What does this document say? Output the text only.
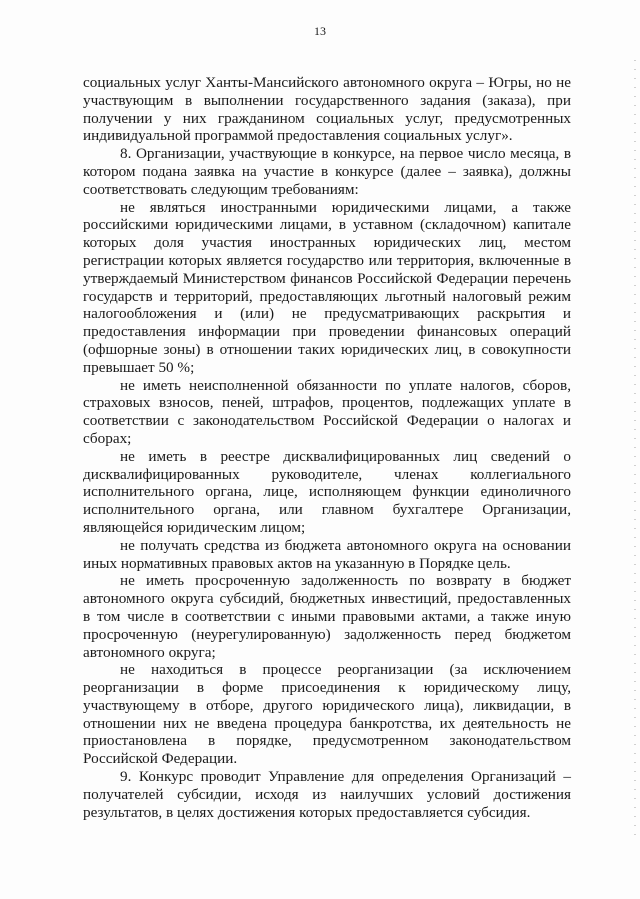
13

социальных услуг Ханты-Мансийского автономного округа – Югры, но не участвующим в выполнении государственного задания (заказа), при получении у них гражданином социальных услуг, предусмотренных индивидуальной программой предоставления социальных услуг».

8. Организации, участвующие в конкурсе, на первое число месяца, в котором подана заявка на участие в конкурсе (далее – заявка), должны соответствовать следующим требованиям:

не являться иностранными юридическими лицами, а также российскими юридическими лицами, в уставном (складочном) капитале которых доля участия иностранных юридических лиц, местом регистрации которых является государство или территория, включенные в утверждаемый Министерством финансов Российской Федерации перечень государств и территорий, предоставляющих льготный налоговый режим налогообложения и (или) не предусматривающих раскрытия и предоставления информации при проведении финансовых операций (офшорные зоны) в отношении таких юридических лиц, в совокупности превышает 50 %;

не иметь неисполненной обязанности по уплате налогов, сборов, страховых взносов, пеней, штрафов, процентов, подлежащих уплате в соответствии с законодательством Российской Федерации о налогах и сборах;

не иметь в реестре дисквалифицированных лиц сведений о дисквалифицированных руководителе, членах коллегиального исполнительного органа, лице, исполняющем функции единоличного исполнительного органа, или главном бухгалтере Организации, являющейся юридическим лицом;

не получать средства из бюджета автономного округа на основании иных нормативных правовых актов на указанную в Порядке цель.

не иметь просроченную задолженность по возврату в бюджет автономного округа субсидий, бюджетных инвестиций, предоставленных в том числе в соответствии с иными правовыми актами, а также иную просроченную (неурегулированную) задолженность перед бюджетом автономного округа;

не находиться в процессе реорганизации (за исключением реорганизации в форме присоединения к юридическому лицу, участвующему в отборе, другого юридического лица), ликвидации, в отношении них не введена процедура банкротства, их деятельность не приостановлена в порядке, предусмотренном законодательством Российской Федерации.

9. Конкурс проводит Управление для определения Организаций – получателей субсидии, исходя из наилучших условий достижения результатов, в целях достижения которых предоставляется субсидия.
